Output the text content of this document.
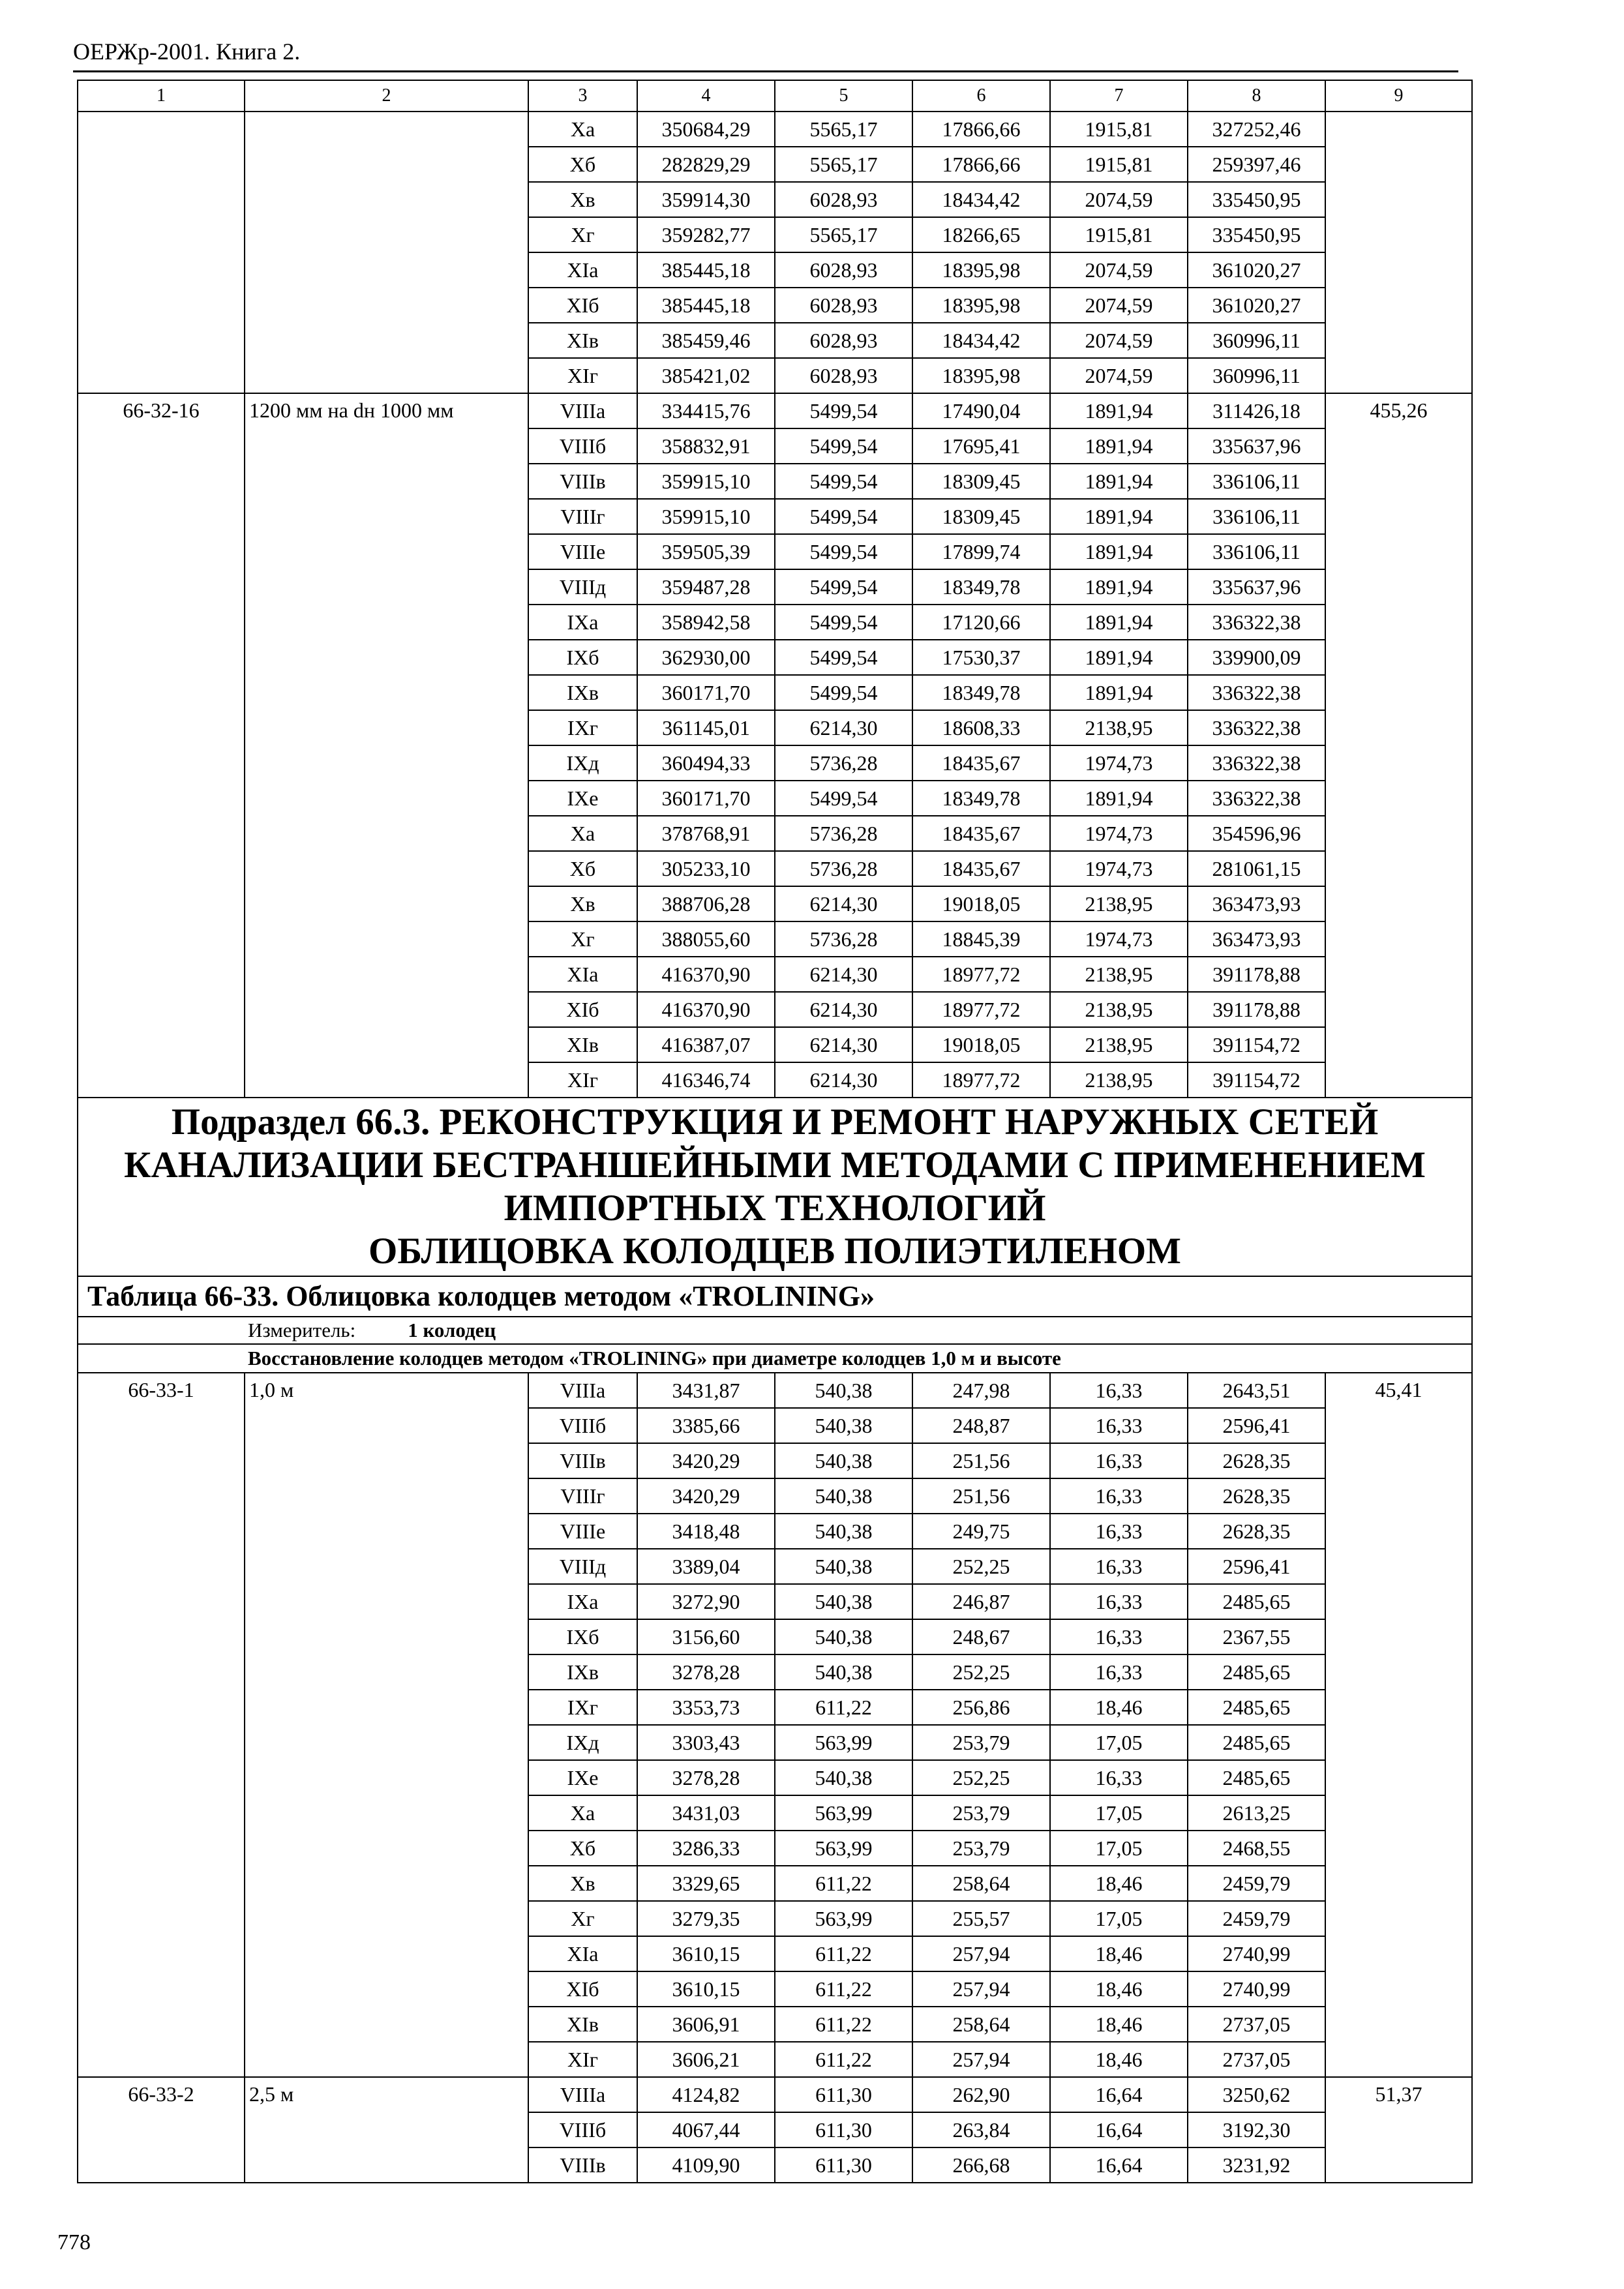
ОЕРЖр-2001. Книга 2.
1	2	3	4	5	6	7	8	9
		Xa	350684,29	5565,17	17866,66	1915,81	327252,46	
		Xб	282829,29	5565,17	17866,66	1915,81	259397,46	
		Xв	359914,30	6028,93	18434,42	2074,59	335450,95	
		Xг	359282,77	5565,17	18266,65	1915,81	335450,95	
		XIa	385445,18	6028,93	18395,98	2074,59	361020,27	
		XIб	385445,18	6028,93	18395,98	2074,59	361020,27	
		XIв	385459,46	6028,93	18434,42	2074,59	360996,11	
		XIг	385421,02	6028,93	18395,98	2074,59	360996,11	
66-32-16	1200 мм на dн 1000 мм	VIIIa	334415,76	5499,54	17490,04	1891,94	311426,18	455,26
		VIIIб	358832,91	5499,54	17695,41	1891,94	335637,96	
		VIIIв	359915,10	5499,54	18309,45	1891,94	336106,11	
		VIIIг	359915,10	5499,54	18309,45	1891,94	336106,11	
		VIIIe	359505,39	5499,54	17899,74	1891,94	336106,11	
		VIIIд	359487,28	5499,54	18349,78	1891,94	335637,96	
		IXa	358942,58	5499,54	17120,66	1891,94	336322,38	
		IXб	362930,00	5499,54	17530,37	1891,94	339900,09	
		IXв	360171,70	5499,54	18349,78	1891,94	336322,38	
		IXг	361145,01	6214,30	18608,33	2138,95	336322,38	
		IXд	360494,33	5736,28	18435,67	1974,73	336322,38	
		IXe	360171,70	5499,54	18349,78	1891,94	336322,38	
		Xa	378768,91	5736,28	18435,67	1974,73	354596,96	
		Xб	305233,10	5736,28	18435,67	1974,73	281061,15	
		Xв	388706,28	6214,30	19018,05	2138,95	363473,93	
		Xг	388055,60	5736,28	18845,39	1974,73	363473,93	
		XIa	416370,90	6214,30	18977,72	2138,95	391178,88	
		XIб	416370,90	6214,30	18977,72	2138,95	391178,88	
		XIв	416387,07	6214,30	19018,05	2138,95	391154,72	
		XIг	416346,74	6214,30	18977,72	2138,95	391154,72	

Подраздел 66.3. РЕКОНСТРУКЦИЯ И РЕМОНТ НАРУЖНЫХ СЕТЕЙ КАНАЛИЗАЦИИ БЕСТРАНШЕЙНЫМИ МЕТОДАМИ С ПРИМЕНЕНИЕМ ИМПОРТНЫХ ТЕХНОЛОГИЙ
ОБЛИЦОВКА КОЛОДЦЕВ ПОЛИЭТИЛЕНОМ								

Таблица 66-33. Облицовка колодцев методом «TROLINING»								
Измеритель: 1 колодец								
Восстановление колодцев методом «TROLINING» при диаметре колодцев 1,0 м и высоте								
66-33-1	1,0 м	VIIIa	3431,87	540,38	247,98	16,33	2643,51	45,41
		VIIIб	3385,66	540,38	248,87	16,33	2596,41	
		VIIIв	3420,29	540,38	251,56	16,33	2628,35	
		VIIIг	3420,29	540,38	251,56	16,33	2628,35	
		VIIIe	3418,48	540,38	249,75	16,33	2628,35	
		VIIIд	3389,04	540,38	252,25	16,33	2596,41	
		IXa	3272,90	540,38	246,87	16,33	2485,65	
		IXб	3156,60	540,38	248,67	16,33	2367,55	
		IXв	3278,28	540,38	252,25	16,33	2485,65	
		IXг	3353,73	611,22	256,86	18,46	2485,65	
		IXд	3303,43	563,99	253,79	17,05	2485,65	
		IXe	3278,28	540,38	252,25	16,33	2485,65	
		Xa	3431,03	563,99	253,79	17,05	2613,25	
		Xб	3286,33	563,99	253,79	17,05	2468,55	
		Xв	3329,65	611,22	258,64	18,46	2459,79	
		Xг	3279,35	563,99	255,57	17,05	2459,79	
		XIa	3610,15	611,22	257,94	18,46	2740,99	
		XIб	3610,15	611,22	257,94	18,46	2740,99	
		XIв	3606,91	611,22	258,64	18,46	2737,05	
		XIг	3606,21	611,22	257,94	18,46	2737,05	
66-33-2	2,5 м	VIIIa	4124,82	611,30	262,90	16,64	3250,62	51,37
		VIIIб	4067,44	611,30	263,84	16,64	3192,30	
		VIIIв	4109,90	611,30	266,68	16,64	3231,92	
778
